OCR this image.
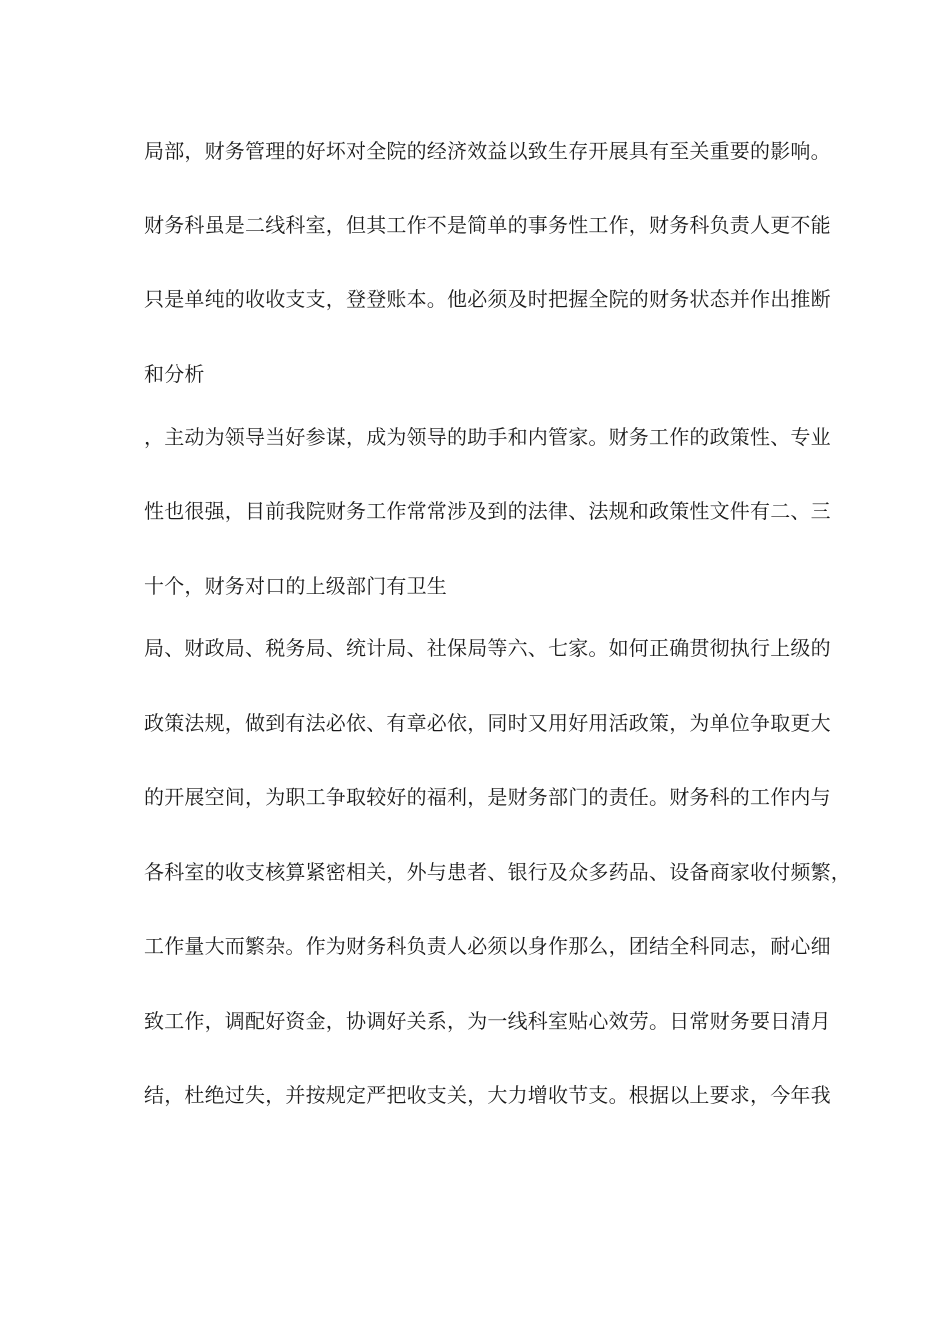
局部，财务管理的好坏对全院的经济效益以致生存开展具有至关重要的影响。
财务科虽是二线科室，但其工作不是简单的事务性工作，财务科负责人更不能
只是单纯的收收支支，登登账本。他必须及时把握全院的财务状态并作出推断
和分析
，主动为领导当好参谋，成为领导的助手和内管家。财务工作的政策性、专业
性也很强，目前我院财务工作常常涉及到的法律、法规和政策性文件有二、三
十个，财务对口的上级部门有卫生
局、财政局、税务局、统计局、社保局等六、七家。如何正确贯彻执行上级的
政策法规，做到有法必依、有章必依，同时又用好用活政策，为单位争取更大
的开展空间，为职工争取较好的福利，是财务部门的责任。财务科的工作内与
各科室的收支核算紧密相关，外与患者、银行及众多药品、设备商家收付频繁，
工作量大而繁杂。作为财务科负责人必须以身作那么，团结全科同志，耐心细
致工作，调配好资金，协调好关系，为一线科室贴心效劳。日常财务要日清月
结，杜绝过失，并按规定严把收支关，大力增收节支。根据以上要求，今年我
